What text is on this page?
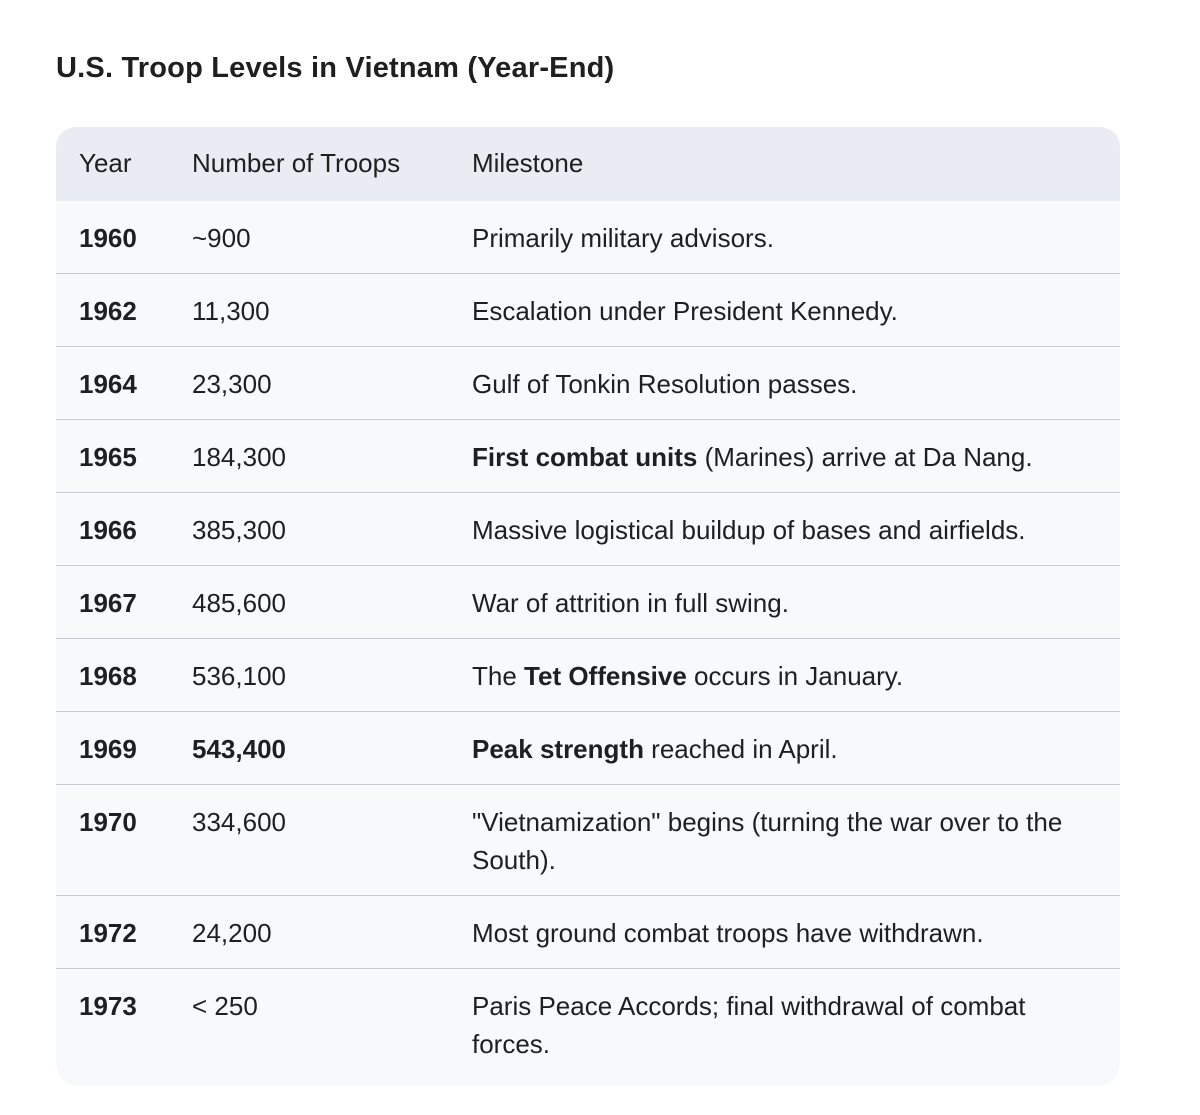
U.S. Troop Levels in Vietnam (Year-End)
Year	Number of Troops	Milestone
1960	~900	Primarily military advisors.
1962	11,300	Escalation under President Kennedy.
1964	23,300	Gulf of Tonkin Resolution passes.
1965	184,300	First combat units (Marines) arrive at Da Nang.
1966	385,300	Massive logistical buildup of bases and airfields.
1967	485,600	War of attrition in full swing.
1968	536,100	The Tet Offensive occurs in January.
1969	543,400	Peak strength reached in April.
1970	334,600	"Vietnamization" begins (turning the war over to the South).
1972	24,200	Most ground combat troops have withdrawn.
1973	< 250	Paris Peace Accords; final withdrawal of combat forces.
